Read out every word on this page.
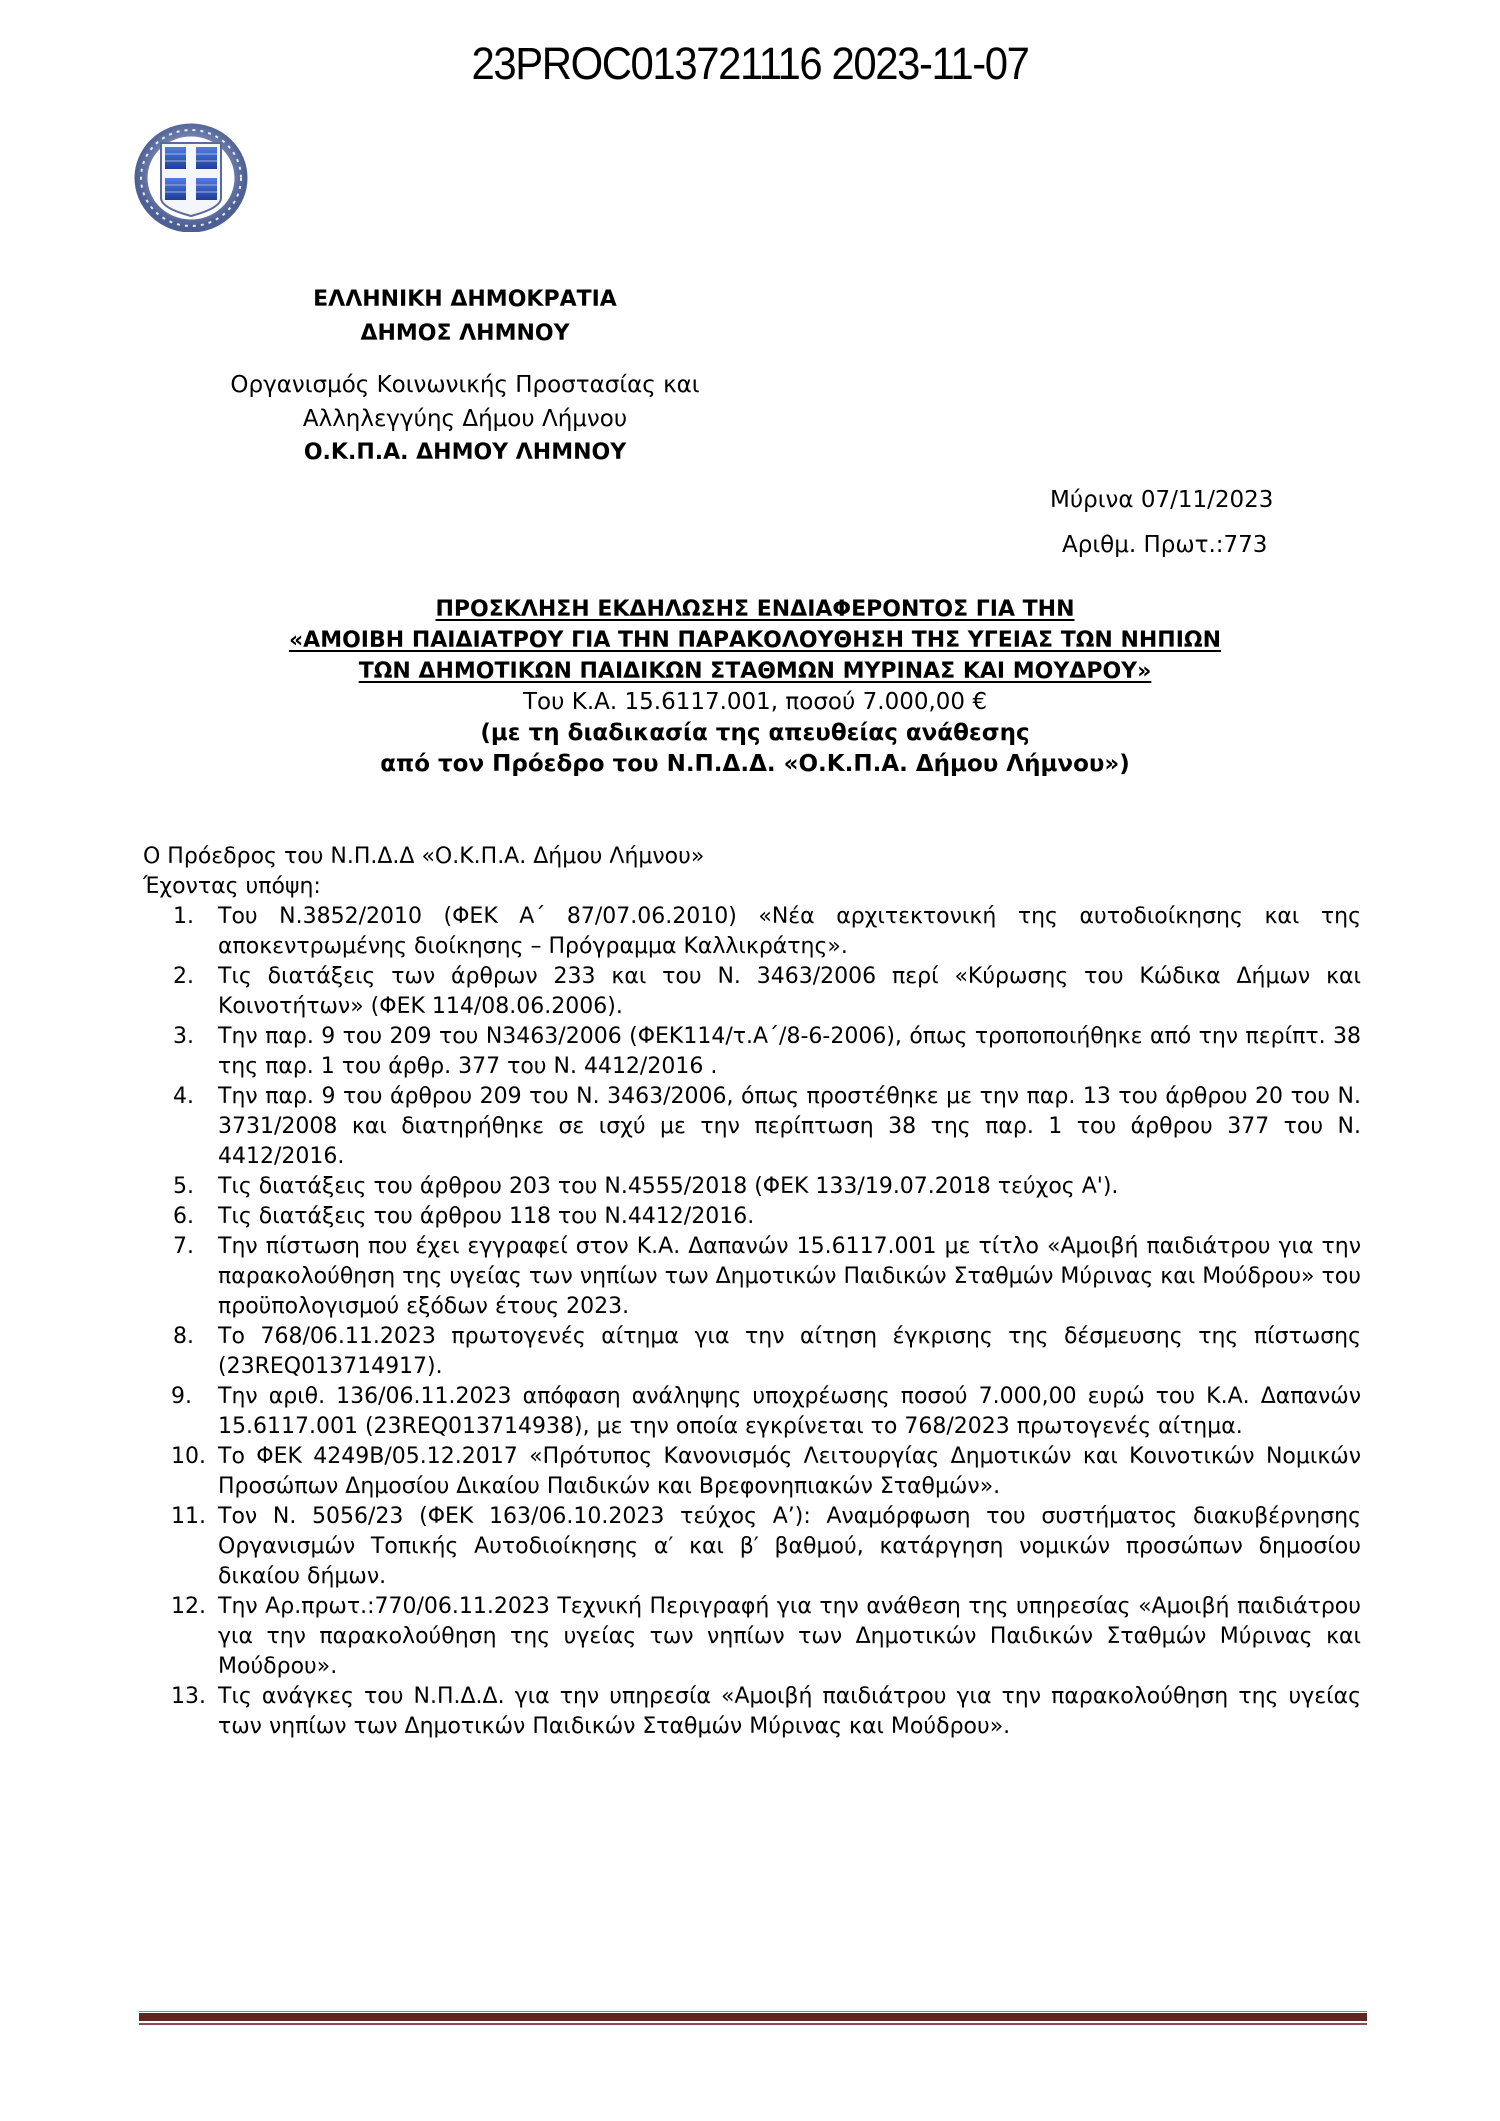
23PROC013721116 2023-11-07
ΕΛΛΗΝΙΚΗ ΔΗΜΟΚΡΑΤΙΑ
ΔΗΜΟΣ ΛΗΜΝΟΥ
Οργανισμός Κοινωνικής Προστασίας και
Αλληλεγγύης Δήμου Λήμνου
Ο.Κ.Π.Α. ΔΗΜΟΥ ΛΗΜΝΟΥ
Μύρινα 07/11/2023
Αριθμ. Πρωτ.:773
ΠΡΟΣΚΛΗΣΗ ΕΚΔΗΛΩΣΗΣ ΕΝΔΙΑΦΕΡΟΝΤΟΣ ΓΙΑ ΤΗΝ
«ΑΜΟΙΒΗ ΠΑΙΔΙΑΤΡΟΥ ΓΙΑ ΤΗΝ ΠΑΡΑΚΟΛΟΥΘΗΣΗ ΤΗΣ ΥΓΕΙΑΣ ΤΩΝ ΝΗΠΙΩΝ
ΤΩΝ ΔΗΜΟΤΙΚΩΝ ΠΑΙΔΙΚΩΝ ΣΤΑΘΜΩΝ ΜΥΡΙΝΑΣ ΚΑΙ ΜΟΥΔΡΟΥ»
Του Κ.Α. 15.6117.001, ποσού 7.000,00 €
(με τη διαδικασία της απευθείας ανάθεσης
από τον Πρόεδρο του Ν.Π.Δ.Δ. «Ο.Κ.Π.Α. Δήμου Λήμνου»)

Ο Πρόεδρος του Ν.Π.Δ.Δ «Ο.Κ.Π.Α. Δήμου Λήμνου»

Έχοντας υπόψη:

1. Του Ν.3852/2010 (ΦΕΚ Α΄ 87/07.06.2010) «Νέα αρχιτεκτονική της αυτοδιοίκησης και της αποκεντρωμένης διοίκησης – Πρόγραμμα Καλλικράτης».
2. Τις διατάξεις των άρθρων 233 και του Ν. 3463/2006 περί «Κύρωσης του Κώδικα Δήμων και Κοινοτήτων» (ΦΕΚ 114/08.06.2006).
3. Την παρ. 9 του 209 του Ν3463/2006 (ΦΕΚ114/τ.Α΄/8-6-2006), όπως τροποποιήθηκε από την περίπτ. 38 της παρ. 1 του άρθρ. 377 του Ν. 4412/2016 .
4. Την παρ. 9 του άρθρου 209 του Ν. 3463/2006, όπως προστέθηκε με την παρ. 13 του άρθρου 20 του Ν. 3731/2008 και διατηρήθηκε σε ισχύ με την περίπτωση 38 της παρ. 1 του άρθρου 377 του Ν. 4412/2016.
5. Τις διατάξεις του άρθρου 203 του Ν.4555/2018 (ΦΕΚ 133/19.07.2018 τεύχος Α').
6. Τις διατάξεις του άρθρου 118 του Ν.4412/2016.
7. Την πίστωση που έχει εγγραφεί στον Κ.Α. Δαπανών 15.6117.001 με τίτλο «Αμοιβή παιδιάτρου για την παρακολούθηση της υγείας των νηπίων των Δημοτικών Παιδικών Σταθμών Μύρινας και Μούδρου» του προϋπολογισμού εξόδων έτους 2023.
8. Το 768/06.11.2023 πρωτογενές αίτημα για την αίτηση έγκρισης της δέσμευσης της πίστωσης (23REQ013714917).
9. Την αριθ. 136/06.11.2023 απόφαση ανάληψης υποχρέωσης ποσού 7.000,00 ευρώ του Κ.Α. Δαπανών 15.6117.001 (23REQ013714938), με την οποία εγκρίνεται το 768/2023 πρωτογενές αίτημα.
10. Το ΦΕΚ 4249Β/05.12.2017 «Πρότυπος Κανονισμός Λειτουργίας Δημοτικών και Κοινοτικών Νομικών Προσώπων Δημοσίου Δικαίου Παιδικών και Βρεφονηπιακών Σταθμών».
11. Τον Ν. 5056/23 (ΦΕΚ 163/06.10.2023 τεύχος Α’): Αναμόρφωση του συστήματος διακυβέρνησης Οργανισμών Τοπικής Αυτοδιοίκησης α′ και β′ βαθμού, κατάργηση νομικών προσώπων δημοσίου δικαίου δήμων.
12. Την Αρ.πρωτ.:770/06.11.2023 Τεχνική Περιγραφή για την ανάθεση της υπηρεσίας «Αμοιβή παιδιάτρου για την παρακολούθηση της υγείας των νηπίων των Δημοτικών Παιδικών Σταθμών Μύρινας και Μούδρου».
13. Τις ανάγκες του Ν.Π.Δ.Δ. για την υπηρεσία «Αμοιβή παιδιάτρου για την παρακολούθηση της υγείας των νηπίων των Δημοτικών Παιδικών Σταθμών Μύρινας και Μούδρου».
